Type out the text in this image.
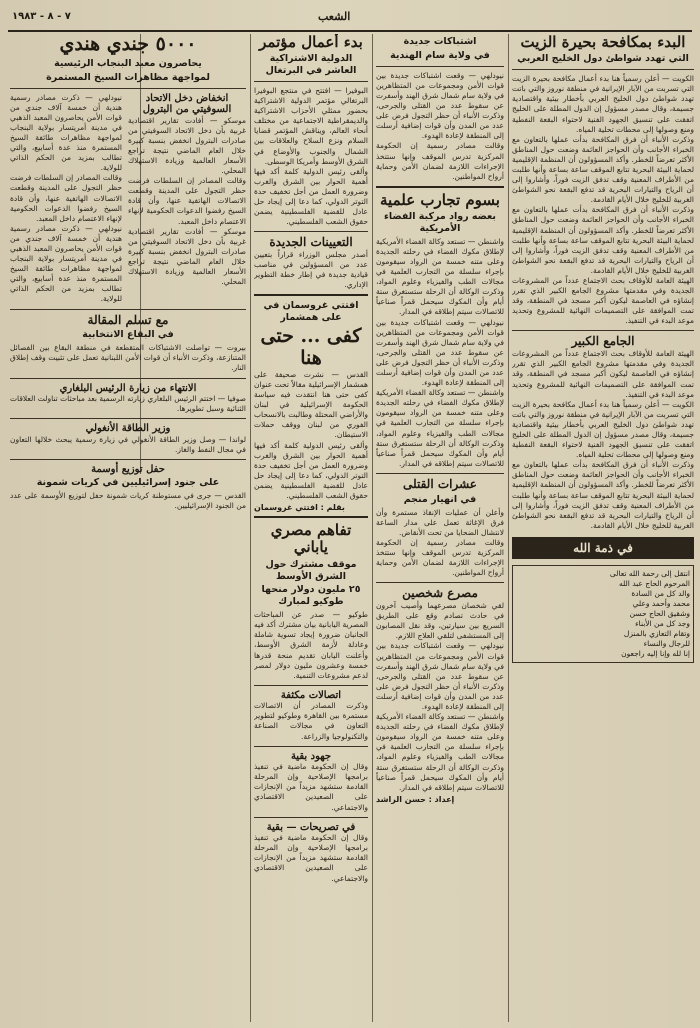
٧ - ٨ - ١٩٨٣	الشعب
البدء بمكافحة بحيرة الزيت
التي تهدد شواطئ دول الخليج العربي

الكويت — أعلن رسمياً هنا بدء أعمال مكافحة بحيرة الزيت التي تسربت من الآبار الإيرانية في منطقة نوروز والتي باتت تهدد شواطئ دول الخليج العربي بأخطار بيئية واقتصادية جسيمة، وقال مصدر مسؤول إن الدول المطلة على الخليج اتفقت على تنسيق الجهود الفنية لاحتواء البقعة النفطية ومنع وصولها إلى محطات تحلية المياه.

وذكرت الأنباء أن فرق المكافحة بدأت عملها بالتعاون مع الخبراء الأجانب وأن الحواجز العائمة وضعت حول المناطق الأكثر تعرضاً للخطر. وأكد المسؤولون أن المنظمة الإقليمية لحماية البيئة البحرية تتابع الموقف ساعة بساعة وأنها طلبت من الأطراف المعنية وقف تدفق الزيت فوراً، وأشاروا إلى أن الرياح والتيارات البحرية قد تدفع البقعة نحو الشواطئ الغربية للخليج خلال الأيام القادمة.

وذكرت الأنباء أن فرق المكافحة بدأت عملها بالتعاون مع الخبراء الأجانب وأن الحواجز العائمة وضعت حول المناطق الأكثر تعرضاً للخطر. وأكد المسؤولون أن المنظمة الإقليمية لحماية البيئة البحرية تتابع الموقف ساعة بساعة وأنها طلبت من الأطراف المعنية وقف تدفق الزيت فوراً، وأشاروا إلى أن الرياح والتيارات البحرية قد تدفع البقعة نحو الشواطئ الغربية للخليج خلال الأيام القادمة.

الهيئة العامة للأوقاف بحث الاجتماع عدداً من المشروعات الجديدة وفي مقدمتها مشروع الجامع الكبير الذي تقرر إنشاؤه في العاصمة ليكون أكبر مسجد في المنطقة، وقد تمت الموافقة على التصميمات النهائية للمشروع وتحديد موعد البدء في التنفيذ.

الجامع الكبير

الهيئة العامة للأوقاف بحث الاجتماع عدداً من المشروعات الجديدة وفي مقدمتها مشروع الجامع الكبير الذي تقرر إنشاؤه في العاصمة ليكون أكبر مسجد في المنطقة، وقد تمت الموافقة على التصميمات النهائية للمشروع وتحديد موعد البدء في التنفيذ.

الكويت — أعلن رسمياً هنا بدء أعمال مكافحة بحيرة الزيت التي تسربت من الآبار الإيرانية في منطقة نوروز والتي باتت تهدد شواطئ دول الخليج العربي بأخطار بيئية واقتصادية جسيمة، وقال مصدر مسؤول إن الدول المطلة على الخليج اتفقت على تنسيق الجهود الفنية لاحتواء البقعة النفطية ومنع وصولها إلى محطات تحلية المياه.

وذكرت الأنباء أن فرق المكافحة بدأت عملها بالتعاون مع الخبراء الأجانب وأن الحواجز العائمة وضعت حول المناطق الأكثر تعرضاً للخطر. وأكد المسؤولون أن المنظمة الإقليمية لحماية البيئة البحرية تتابع الموقف ساعة بساعة وأنها طلبت من الأطراف المعنية وقف تدفق الزيت فوراً، وأشاروا إلى أن الرياح والتيارات البحرية قد تدفع البقعة نحو الشواطئ الغربية للخليج خلال الأيام القادمة.

في ذمة الله
انتقل إلى رحمة الله تعالى
المرحوم الحاج عبد الله
والد كل من السادة
محمد وأحمد وعلي
وشقيق الحاج حسن
وجد كل من الأبناء
وتقام التعازي بالمنزل
للرجال والنساء
إنا لله وإنا إليه راجعون
اشتباكات جديدة
في ولاية سام الهندية

نيودلهي — وقعت اشتباكات جديدة بين قوات الأمن ومجموعات من المتظاهرين في ولاية سام شمال شرق الهند وأسفرت عن سقوط عدد من القتلى والجرحى، وذكرت الأنباء أن حظر التجول فرض على عدد من المدن وأن قوات إضافية أرسلت إلى المنطقة لإعادة الهدوء.

وقالت مصادر رسمية إن الحكومة المركزية تدرس الموقف وإنها ستتخذ الإجراءات اللازمة لضمان الأمن وحماية أرواح المواطنين.

بسوم تجارب علمية
بعضه رواد مركبة الفضاء الأمريكية

واشنطن — تستعد وكالة الفضاء الأمريكية لإطلاق مكوك الفضاء في رحلته الجديدة وعلى متنه خمسة من الرواد سيقومون بإجراء سلسلة من التجارب العلمية في مجالات الطب والفيزياء وعلوم المواد، وذكرت الوكالة أن الرحلة ستستغرق ستة أيام وأن المكوك سيحمل قمراً صناعياً للاتصالات سيتم إطلاقه في المدار.

نيودلهي — وقعت اشتباكات جديدة بين قوات الأمن ومجموعات من المتظاهرين في ولاية سام شمال شرق الهند وأسفرت عن سقوط عدد من القتلى والجرحى، وذكرت الأنباء أن حظر التجول فرض على عدد من المدن وأن قوات إضافية أرسلت إلى المنطقة لإعادة الهدوء.

واشنطن — تستعد وكالة الفضاء الأمريكية لإطلاق مكوك الفضاء في رحلته الجديدة وعلى متنه خمسة من الرواد سيقومون بإجراء سلسلة من التجارب العلمية في مجالات الطب والفيزياء وعلوم المواد، وذكرت الوكالة أن الرحلة ستستغرق ستة أيام وأن المكوك سيحمل قمراً صناعياً للاتصالات سيتم إطلاقه في المدار.

عشرات القتلى
في انهيار منجم

وأعلن أن عمليات الإنقاذ مستمرة وأن فرق الإغاثة تعمل على مدار الساعة لانتشال الضحايا من تحت الأنقاض.

وقالت مصادر رسمية إن الحكومة المركزية تدرس الموقف وإنها ستتخذ الإجراءات اللازمة لضمان الأمن وحماية أرواح المواطنين.

مصرع شخصين

لقي شخصان مصرعهما وأصيب آخرون في حادث تصادم وقع على الطريق السريع بين سيارتين، وقد نقل المصابون إلى المستشفى لتلقي العلاج اللازم.

نيودلهي — وقعت اشتباكات جديدة بين قوات الأمن ومجموعات من المتظاهرين في ولاية سام شمال شرق الهند وأسفرت عن سقوط عدد من القتلى والجرحى، وذكرت الأنباء أن حظر التجول فرض على عدد من المدن وأن قوات إضافية أرسلت إلى المنطقة لإعادة الهدوء.

واشنطن — تستعد وكالة الفضاء الأمريكية لإطلاق مكوك الفضاء في رحلته الجديدة وعلى متنه خمسة من الرواد سيقومون بإجراء سلسلة من التجارب العلمية في مجالات الطب والفيزياء وعلوم المواد، وذكرت الوكالة أن الرحلة ستستغرق ستة أيام وأن المكوك سيحمل قمراً صناعياً للاتصالات سيتم إطلاقه في المدار.

إعداد : حسن الراشد
بدء أعمال مؤتمر
الدولية الاشتراكية العاشر في البرتغال

البوفيرا — افتتح في منتجع البوفيرا البرتغالي مؤتمر الدولية الاشتراكية بحضور ممثلي الأحزاب الاشتراكية والديمقراطية الاجتماعية من مختلف أنحاء العالم، ويناقش المؤتمر قضايا السلام ونزع السلاح والعلاقات بين الشمال والجنوب والأوضاع في الشرق الأوسط وأمريكا الوسطى.

وألقى رئيس الدولية كلمة أكد فيها أهمية الحوار بين الشرق والغرب وضرورة العمل من أجل تخفيف حدة التوتر الدولي، كما دعا إلى إيجاد حل عادل للقضية الفلسطينية يضمن حقوق الشعب الفلسطيني.

التعيينات الجديدة

أصدر مجلس الوزراء قراراً بتعيين عدد من المسؤولين في مناصب قيادية جديدة في إطار خطة التطوير الإداري.

افتتي غروسمان في على همشمار
كفى ... حتى هنا

القدس — نشرت صحيفة على همشمار الإسرائيلية مقالاً تحت عنوان كفى حتى هنا انتقدت فيه سياسة الحكومة الإسرائيلية في لبنان والأراضي المحتلة وطالبت بالانسحاب الفوري من لبنان ووقف حملات الاستيطان.

وألقى رئيس الدولية كلمة أكد فيها أهمية الحوار بين الشرق والغرب وضرورة العمل من أجل تخفيف حدة التوتر الدولي، كما دعا إلى إيجاد حل عادل للقضية الفلسطينية يضمن حقوق الشعب الفلسطيني.

بقلم : افتتي غروسمان
تفاهم مصري ياباني
موقف مشترك حول الشرق الأوسط
٢٥ مليون دولار منحها طوكيو لمبارك

طوكيو — صدر عن المباحثات المصرية اليابانية بيان مشترك أكد فيه الجانبان ضرورة إيجاد تسوية شاملة وعادلة لأزمة الشرق الأوسط، وأعلنت اليابان تقديم منحة قدرها خمسة وعشرون مليون دولار لمصر لدعم مشروعات التنمية.

اتصالات مكثفة

وذكرت المصادر أن الاتصالات مستمرة بين القاهرة وطوكيو لتطوير التعاون في مجالات الصناعة والتكنولوجيا والزراعة.

جهود بقية

وقال إن الحكومة ماضية في تنفيذ برامجها الإصلاحية وإن المرحلة القادمة ستشهد مزيداً من الإنجازات على الصعيدين الاقتصادي والاجتماعي.

في تصريحات — بقية

وقال إن الحكومة ماضية في تنفيذ برامجها الإصلاحية وإن المرحلة القادمة ستشهد مزيداً من الإنجازات على الصعيدين الاقتصادي والاجتماعي.

٥٠٠٠ جندي هندي
يحاصرون معبد البنجاب الرئيسية
لمواجهة مظاهرات السيخ المستمرة
انخفاض دخل الاتحاد السوفيتي من البترول

موسكو — أفادت تقارير اقتصادية غربية بأن دخل الاتحاد السوفيتي من صادرات البترول انخفض بنسبة كبيرة خلال العام الماضي نتيجة تراجع الأسعار العالمية وزيادة الاستهلاك المحلي.

وقالت المصادر إن السلطات فرضت حظر التجول على المدينة وقطعت الاتصالات الهاتفية عنها، وأن قادة السيخ رفضوا الدعوات الحكومية لإنهاء الاعتصام داخل المعبد.

موسكو — أفادت تقارير اقتصادية غربية بأن دخل الاتحاد السوفيتي من صادرات البترول انخفض بنسبة كبيرة خلال العام الماضي نتيجة تراجع الأسعار العالمية وزيادة الاستهلاك المحلي.

نيودلهي — ذكرت مصادر رسمية هندية أن خمسة آلاف جندي من قوات الأمن يحاصرون المعبد الذهبي في مدينة أمريتسار بولاية البنجاب لمواجهة مظاهرات طائفة السيخ المستمرة منذ عدة أسابيع، والتي تطالب بمزيد من الحكم الذاتي للولاية.

وقالت المصادر إن السلطات فرضت حظر التجول على المدينة وقطعت الاتصالات الهاتفية عنها، وأن قادة السيخ رفضوا الدعوات الحكومية لإنهاء الاعتصام داخل المعبد.

نيودلهي — ذكرت مصادر رسمية هندية أن خمسة آلاف جندي من قوات الأمن يحاصرون المعبد الذهبي في مدينة أمريتسار بولاية البنجاب لمواجهة مظاهرات طائفة السيخ المستمرة منذ عدة أسابيع، والتي تطالب بمزيد من الحكم الذاتي للولاية.

مع تسلم المقالة
في البقاع الانتخابية

بيروت — تواصلت الاشتباكات المتقطعة في منطقة البقاع بين الفصائل المتنازعة، وذكرت الأنباء أن قوات الأمن اللبنانية تعمل على تثبيت وقف إطلاق النار.

الانتهاء من زيارة الرئيس البلغاري

صوفيا — اختتم الرئيس البلغاري زيارته الرسمية بعد مباحثات تناولت العلاقات الثنائية وسبل تطويرها.

وزير الطاقة الأنغولي

لواندا — وصل وزير الطاقة الأنغولي في زيارة رسمية يبحث خلالها التعاون في مجال النفط والغاز.

حفل توزيع أوسمة
على جنود إسرائيليين في كريات شمونة

القدس — جرى في مستوطنة كريات شمونة حفل لتوزيع الأوسمة على عدد من الجنود الإسرائيليين.
